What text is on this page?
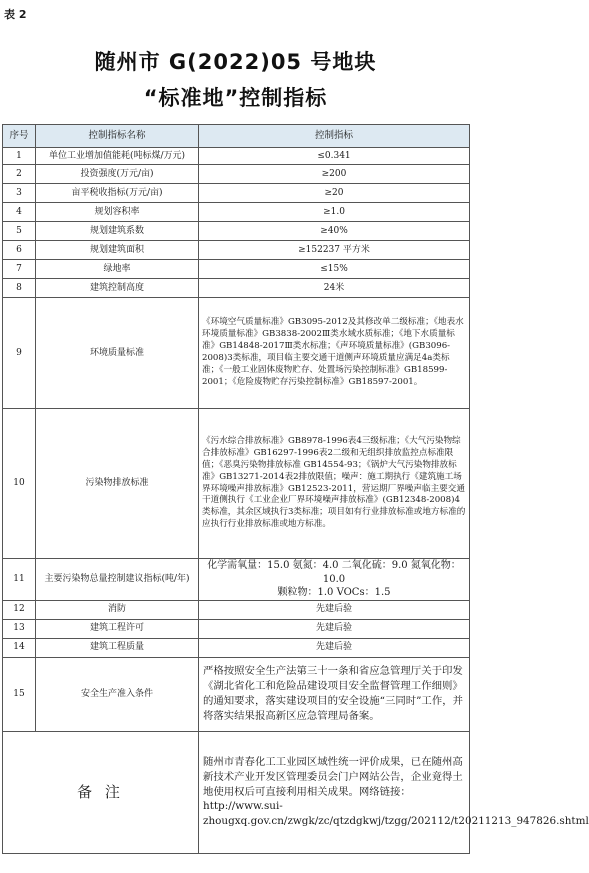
表 2
随州市 G(2022)05 号地块
“标准地”控制指标
序号	控制指标名称	控制指标
1	单位工业增加值能耗(吨标煤/万元)	≤0.341
2	投资强度(万元/亩)	≥200
3	亩平税收指标(万元/亩)	≥20
4	规划容积率	≥1.0
5	规划建筑系数	≥40%
6	规划建筑面积	≥152237 平方米
7	绿地率	≤15%
8	建筑控制高度	24米
9	环境质量标准	《环境空气质量标准》GB3095-2012及其修改单二级标准；《地表水环境质量标准》GB3838-2002Ⅲ类水域水质标准；《地下水质量标准》GB14848-2017Ⅲ类水标准；《声环境质量标准》(GB3096-2008)3类标准，项目临主要交通干道侧声环境质量应满足4a类标准；《一般工业固体废物贮存、处置场污染控制标准》GB18599-2001；《危险废物贮存污染控制标准》GB18597-2001。
10	污染物排放标准	《污水综合排放标准》GB8978-1996表4三级标准；《大气污染物综合排放标准》GB16297-1996表2二级和无组织排放监控点标准限值；《恶臭污染物排放标准 GB14554-93；《锅炉大气污染物排放标准》GB13271-2014表2排放限值；噪声：施工期执行《建筑施工场界环境噪声排放标准》GB12523-2011，营运期厂界噪声临主要交通干道侧执行《工业企业厂界环境噪声排放标准》(GB12348-2008)4类标准，其余区域执行3类标准；项目如有行业排放标准或地方标准的应执行行业排放标准或地方标准。
11	主要污染物总量控制建议指标(吨/年)	化学需氧量：15.0 氨氮：4.0 二氧化硫：9.0 氮氧化物：10.0
颗粒物：1.0 VOCs：1.5

12	消防	先建后验
13	建筑工程许可	先建后验
14	建筑工程质量	先建后验
15	安全生产准入条件	严格按照安全生产法第三十一条和省应急管理厅关于印发《湖北省化工和危险品建设项目安全监督管理工作细则》的通知要求，落实建设项目的安全设施“三同时”工作，并将落实结果报高新区应急管理局备案。
备 注		随州市青春化工工业园区域性统一评价成果，已在随州高新技术产业开发区管理委员会门户网站公告，企业竟得土地使用权后可直接利用相关成果。网络链接：http://www.sui-zhougxq.gov.cn/zwgk/zc/qtzdgkwj/tzgg/202112/t20211213_947826.shtml
